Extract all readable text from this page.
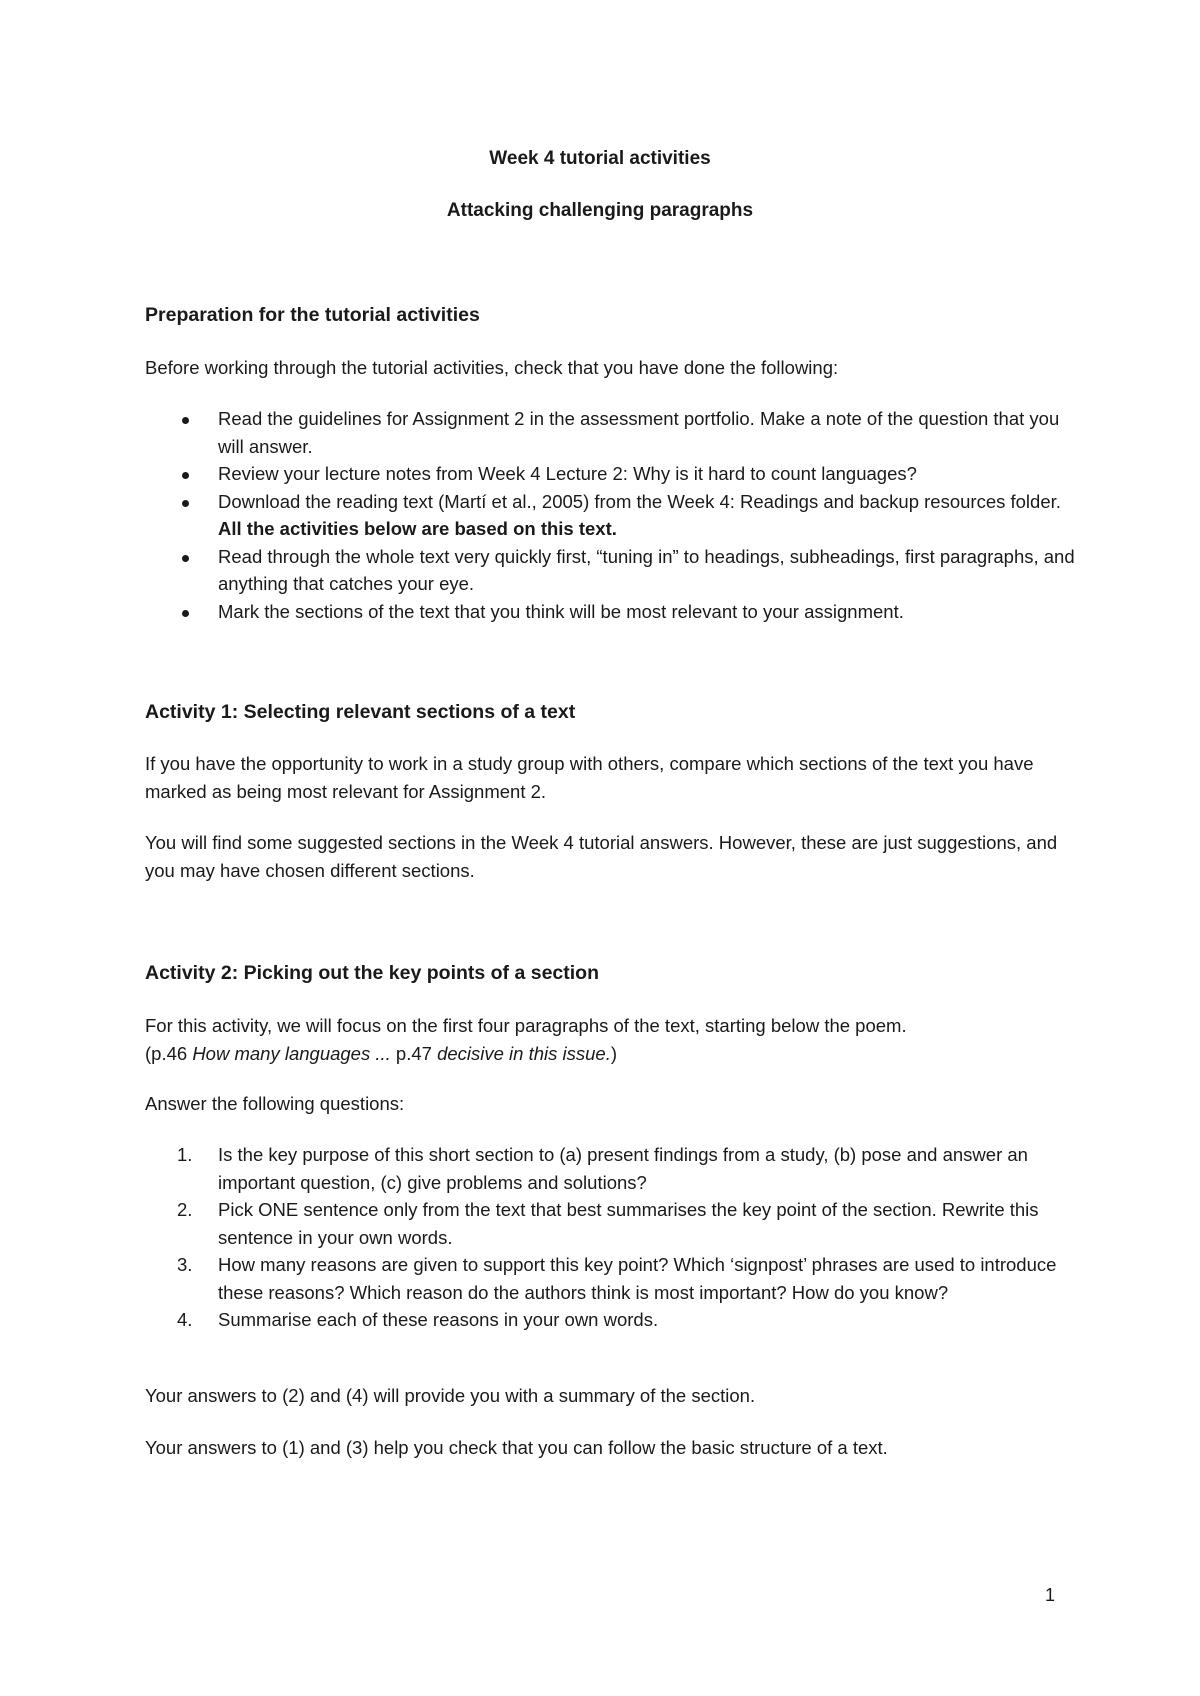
Week 4 tutorial activities
Attacking challenging paragraphs
Preparation for the tutorial activities

Before working through the tutorial activities, check that you have done the following:

Read the guidelines for Assignment 2 in the assessment portfolio. Make a note of the question that you will answer.
Review your lecture notes from Week 4 Lecture 2: Why is it hard to count languages?
Download the reading text (Martí et al., 2005) from the Week 4: Readings and backup resources folder. All the activities below are based on this text.
Read through the whole text very quickly first, “tuning in” to headings, subheadings, first paragraphs, and anything that catches your eye.
Mark the sections of the text that you think will be most relevant to your assignment.
Activity 1: Selecting relevant sections of a text

If you have the opportunity to work in a study group with others, compare which sections of the text you have marked as being most relevant for Assignment 2.

You will find some suggested sections in the Week 4 tutorial answers. However, these are just suggestions, and you may have chosen different sections.

Activity 2: Picking out the key points of a section

For this activity, we will focus on the first four paragraphs of the text, starting below the poem.
(p.46 How many languages ... p.47 decisive in this issue.)

Answer the following questions:

1. Is the key purpose of this short section to (a) present findings from a study, (b) pose and answer an important question, (c) give problems and solutions?
2. Pick ONE sentence only from the text that best summarises the key point of the section. Rewrite this sentence in your own words.
3. How many reasons are given to support this key point? Which ‘signpost’ phrases are used to introduce these reasons? Which reason do the authors think is most important? How do you know?
4. Summarise each of these reasons in your own words.

Your answers to (2) and (4) will provide you with a summary of the section.

Your answers to (1) and (3) help you check that you can follow the basic structure of a text.

1
